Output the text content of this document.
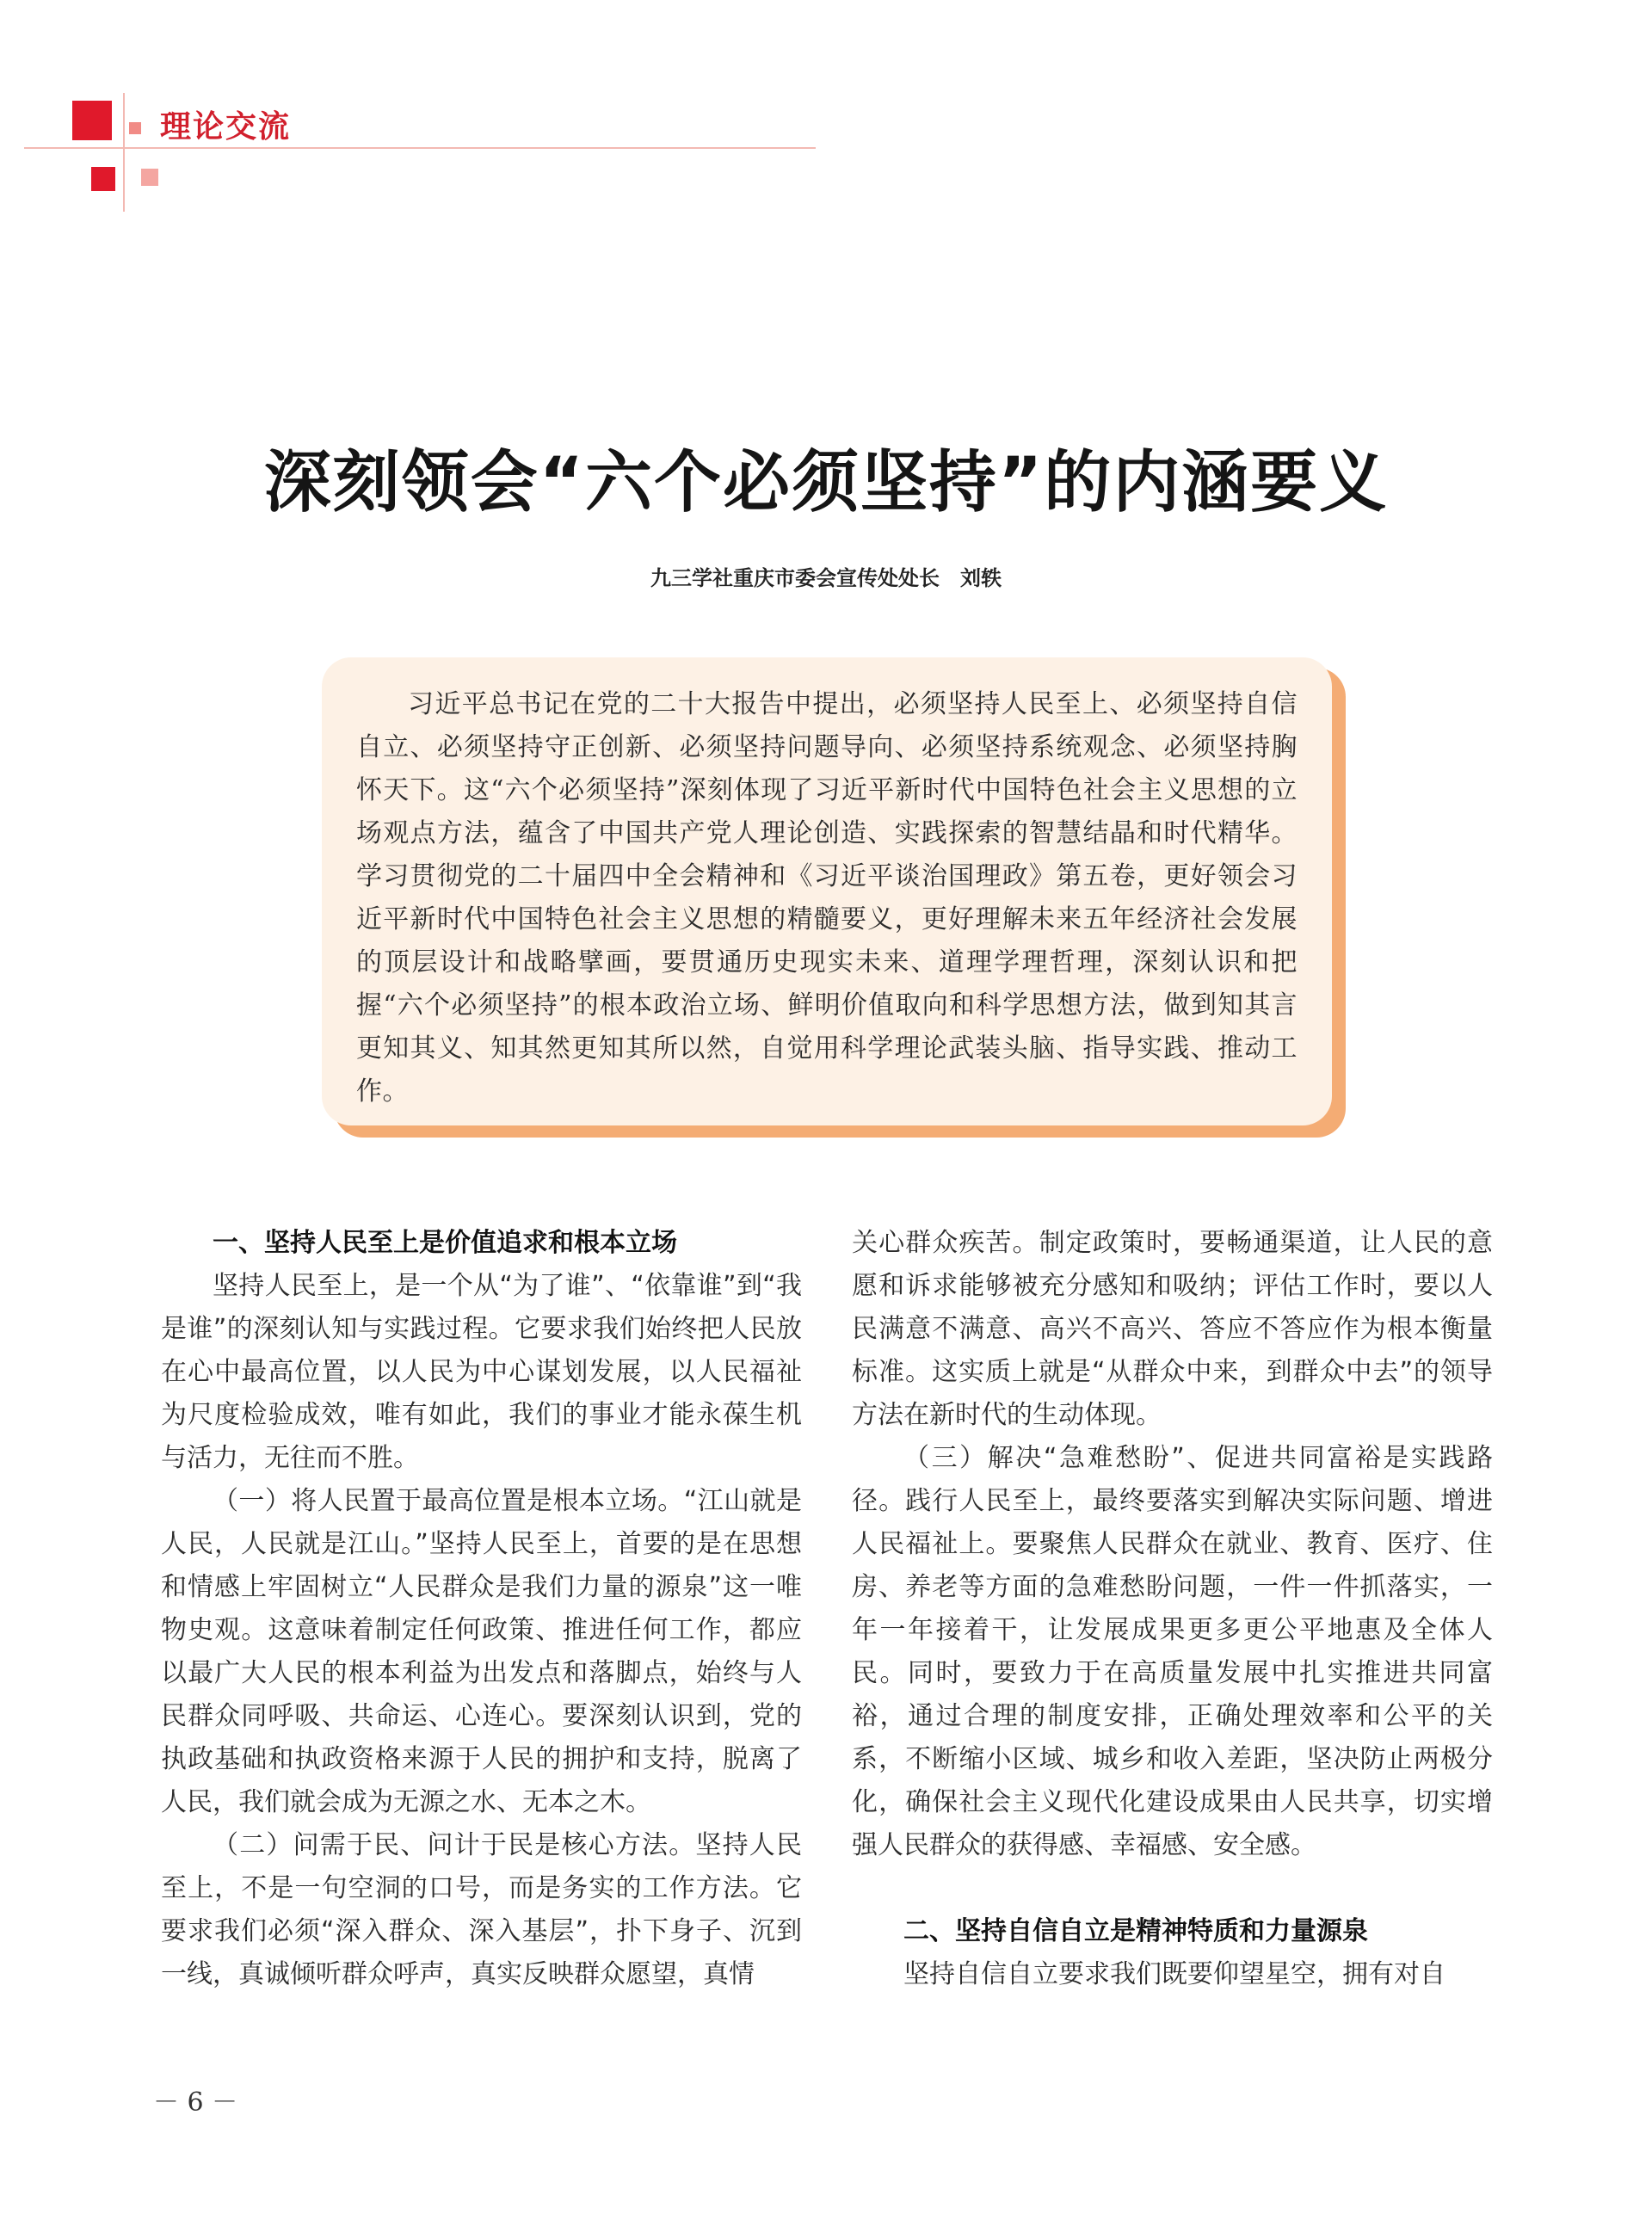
理论交流
深刻领会“六个必须坚持”的内涵要义
九三学社重庆市委会宣传处处长 刘轶

习近平总书记在党的二十大报告中提出，必须坚持人民至上、必须坚持自信自立、必须坚持守正创新、必须坚持问题导向、必须坚持系统观念、必须坚持胸怀天下。这“六个必须坚持”深刻体现了习近平新时代中国特色社会主义思想的立场观点方法，蕴含了中国共产党人理论创造、实践探索的智慧结晶和时代精华。学习贯彻党的二十届四中全会精神和《习近平谈治国理政》第五卷，更好领会习近平新时代中国特色社会主义思想的精髓要义，更好理解未来五年经济社会发展的顶层设计和战略擘画，要贯通历史现实未来、道理学理哲理，深刻认识和把握“六个必须坚持”的根本政治立场、鲜明价值取向和科学思想方法，做到知其言更知其义、知其然更知其所以然，自觉用科学理论武装头脑、指导实践、推动工作。

一、坚持人民至上是价值追求和根本立场

坚持人民至上，是一个从“为了谁”、“依靠谁”到“我是谁”的深刻认知与实践过程。它要求我们始终把人民放在心中最高位置，以人民为中心谋划发展，以人民福祉为尺度检验成效，唯有如此，我们的事业才能永葆生机与活力，无往而不胜。

（一）将人民置于最高位置是根本立场。“江山就是人民，人民就是江山。”坚持人民至上，首要的是在思想和情感上牢固树立“人民群众是我们力量的源泉”这一唯物史观。这意味着制定任何政策、推进任何工作，都应以最广大人民的根本利益为出发点和落脚点，始终与人民群众同呼吸、共命运、心连心。要深刻认识到，党的执政基础和执政资格来源于人民的拥护和支持，脱离了人民，我们就会成为无源之水、无本之木。

（二）问需于民、问计于民是核心方法。坚持人民至上，不是一句空洞的口号，而是务实的工作方法。它要求我们必须“深入群众、深入基层”，扑下身子、沉到一线，真诚倾听群众呼声，真实反映群众愿望，真情

关心群众疾苦。制定政策时，要畅通渠道，让人民的意愿和诉求能够被充分感知和吸纳；评估工作时，要以人民满意不满意、高兴不高兴、答应不答应作为根本衡量标准。这实质上就是“从群众中来，到群众中去”的领导方法在新时代的生动体现。

（三）解决“急难愁盼”、促进共同富裕是实践路径。践行人民至上，最终要落实到解决实际问题、增进人民福祉上。要聚焦人民群众在就业、教育、医疗、住房、养老等方面的急难愁盼问题，一件一件抓落实，一年一年接着干，让发展成果更多更公平地惠及全体人民。同时，要致力于在高质量发展中扎实推进共同富裕，通过合理的制度安排，正确处理效率和公平的关系，不断缩小区域、城乡和收入差距，坚决防止两极分化，确保社会主义现代化建设成果由人民共享，切实增强人民群众的获得感、幸福感、安全感。

二、坚持自信自立是精神特质和力量源泉

坚持自信自立要求我们既要仰望星空，拥有对自

－ 6 －
